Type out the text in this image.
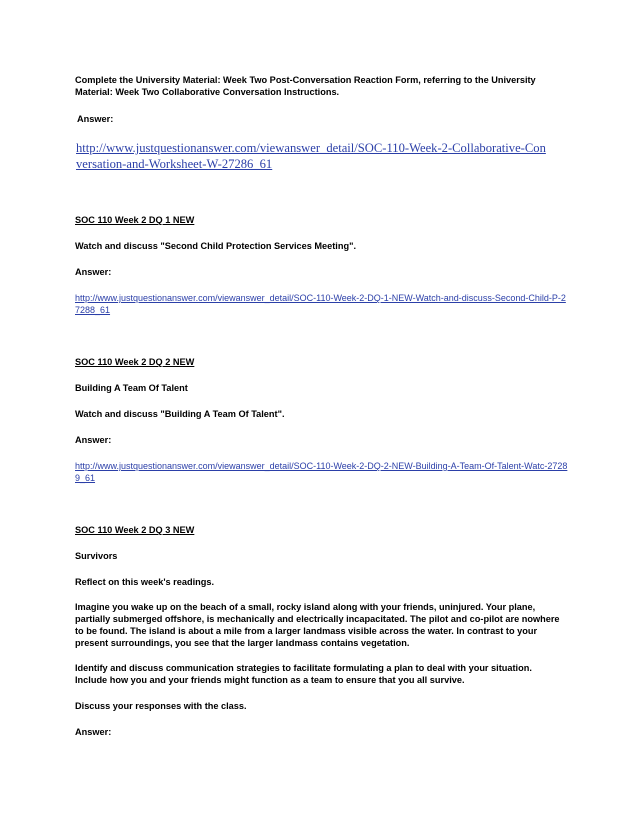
Complete the University Material: Week Two Post-Conversation Reaction Form, referring to the University Material: Week Two Collaborative Conversation Instructions.

Answer:

http://www.justquestionanswer.com/viewanswer_detail/SOC-110-Week-2-Collaborative-Conversation-and-Worksheet-W-27286_61

SOC 110 Week 2 DQ 1 NEW

Watch and discuss "Second Child Protection Services Meeting".

Answer:

http://www.justquestionanswer.com/viewanswer_detail/SOC-110-Week-2-DQ-1-NEW-Watch-and-discuss-Second-Child-P-27288_61

SOC 110 Week 2 DQ 2 NEW

Building A Team Of Talent

Watch and discuss "Building A Team Of Talent".

Answer:

http://www.justquestionanswer.com/viewanswer_detail/SOC-110-Week-2-DQ-2-NEW-Building-A-Team-Of-Talent-Watc-27289_61

SOC 110 Week 2 DQ 3 NEW

Survivors

Reflect on this week's readings.

Imagine you wake up on the beach of a small, rocky island along with your friends, uninjured. Your plane, partially submerged offshore, is mechanically and electrically incapacitated. The pilot and co-pilot are nowhere to be found. The island is about a mile from a larger landmass visible across the water. In contrast to your present surroundings, you see that the larger landmass contains vegetation.

Identify and discuss communication strategies to facilitate formulating a plan to deal with your situation. Include how you and your friends might function as a team to ensure that you all survive.

Discuss your responses with the class.

Answer:
